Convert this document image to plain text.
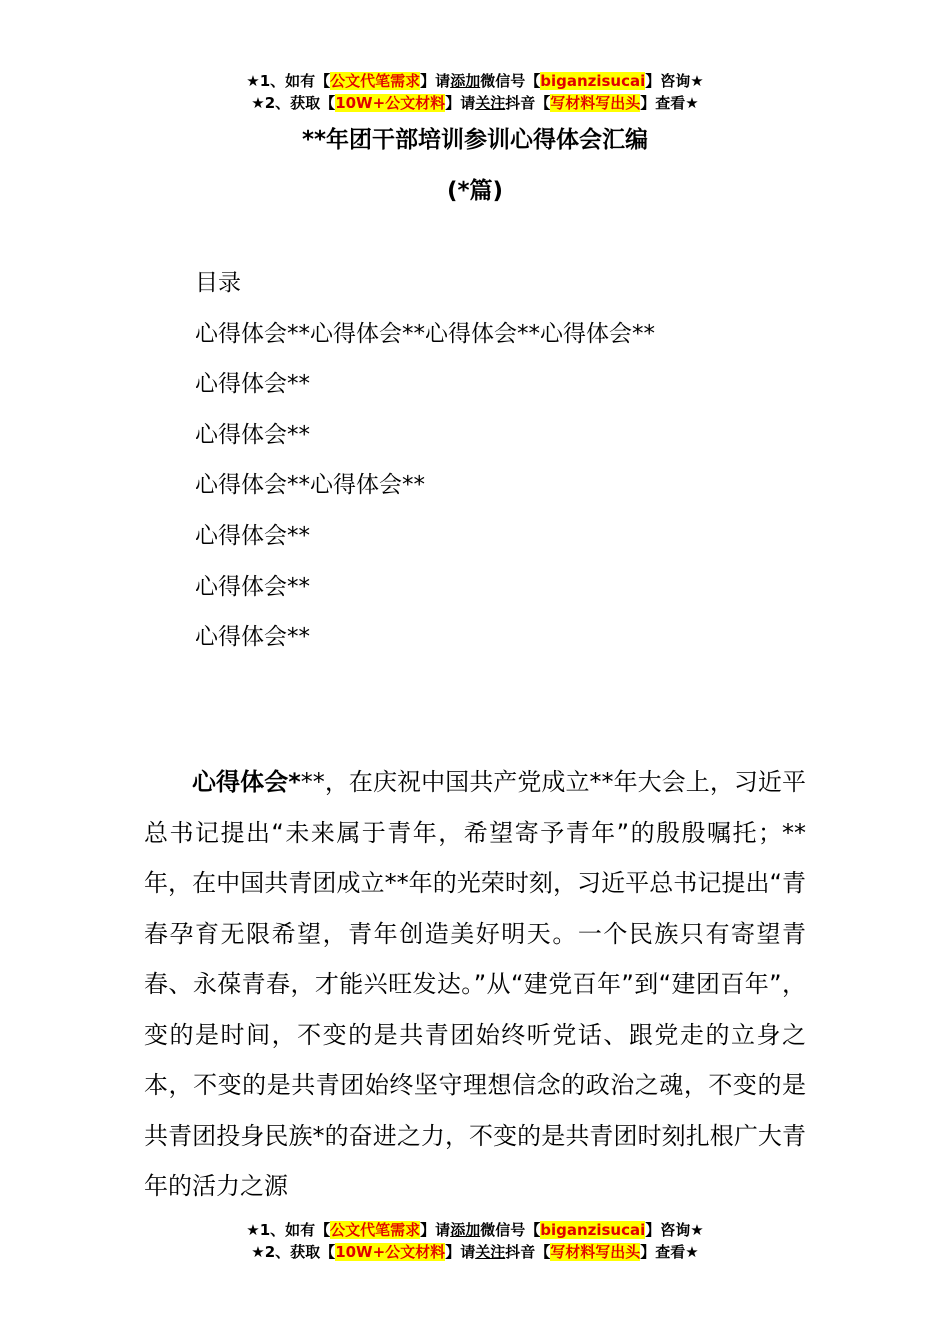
★1、如有【公文代笔需求】请添加微信号【biganzisucai】咨询★
★2、获取【10W+公文材料】请关注抖音【写材料写出头】查看★
**年团干部培训参训心得体会汇编
(*篇)
目录
心得体会**心得体会**心得体会**心得体会**
心得体会**
心得体会**
心得体会**心得体会**
心得体会**
心得体会**
心得体会**
心得体会***，在庆祝中国共产党成立**年大会上，习近平总书记提出“未来属于青年，希望寄予青年”的殷殷嘱托；**年，在中国共青团成立**年的光荣时刻，习近平总书记提出“青春孕育无限希望，青年创造美好明天。一个民族只有寄望青春、永葆青春，才能兴旺发达。”从“建党百年”到“建团百年”，变的是时间，不变的是共青团始终听党话、跟党走的立身之本，不变的是共青团始终坚守理想信念的政治之魂，不变的是共青团投身民族*的奋进之力，不变的是共青团时刻扎根广大青年的活力之源
★1、如有【公文代笔需求】请添加微信号【biganzisucai】咨询★
★2、获取【10W+公文材料】请关注抖音【写材料写出头】查看★
